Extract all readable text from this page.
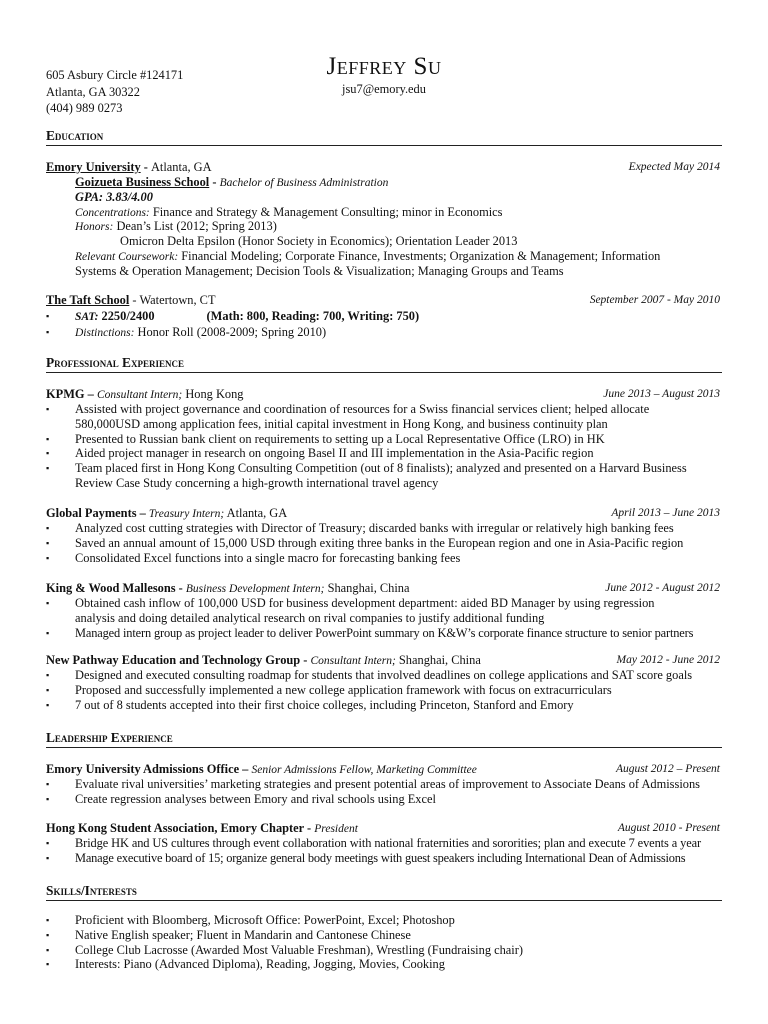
605 Asbury Circle #124171
Atlanta, GA 30322
(404) 989 0273
Jeffrey Su
jsu7@emory.edu
Education
Emory University - Atlanta, GA	Expected May 2014
Goizueta Business School - Bachelor of Business Administration
GPA: 3.83/4.00
Concentrations: Finance and Strategy & Management Consulting; minor in Economics
Honors: Dean’s List (2012; Spring 2013)
Omicron Delta Epsilon (Honor Society in Economics); Orientation Leader 2013
Relevant Coursework: Financial Modeling; Corporate Finance, Investments; Organization & Management; Information
Systems & Operation Management; Decision Tools & Visualization; Managing Groups and Teams
The Taft School - Watertown, CT	September 2007 - May 2010
▪ SAT: 2250/2400	(Math: 800, Reading: 700, Writing: 750)
▪ Distinctions: Honor Roll (2008-2009; Spring 2010)
Professional Experience
KPMG – Consultant Intern; Hong Kong	June 2013 – August 2013
▪ Assisted with project governance and coordination of resources for a Swiss financial services client; helped allocate 580,000USD among application fees, initial capital investment in Hong Kong, and business continuity plan
▪ Presented to Russian bank client on requirements to setting up a Local Representative Office (LRO) in HK
▪ Aided project manager in research on ongoing Basel II and III implementation in the Asia-Pacific region
▪ Team placed first in Hong Kong Consulting Competition (out of 8 finalists); analyzed and presented on a Harvard Business Review Case Study concerning a high-growth international travel agency
Global Payments – Treasury Intern; Atlanta, GA	April 2013 – June 2013
▪ Analyzed cost cutting strategies with Director of Treasury; discarded banks with irregular or relatively high banking fees
▪ Saved an annual amount of 15,000 USD through exiting three banks in the European region and one in Asia-Pacific region
▪ Consolidated Excel functions into a single macro for forecasting banking fees
King & Wood Mallesons - Business Development Intern; Shanghai, China	June 2012 - August 2012
▪ Obtained cash inflow of 100,000 USD for business development department: aided BD Manager by using regression analysis and doing detailed analytical research on rival companies to justify additional funding
▪ Managed intern group as project leader to deliver PowerPoint summary on K&W’s corporate finance structure to senior partners
New Pathway Education and Technology Group - Consultant Intern; Shanghai, China	May 2012 - June 2012
▪ Designed and executed consulting roadmap for students that involved deadlines on college applications and SAT score goals
▪ Proposed and successfully implemented a new college application framework with focus on extracurriculars
▪ 7 out of 8 students accepted into their first choice colleges, including Princeton, Stanford and Emory
Leadership Experience
Emory University Admissions Office – Senior Admissions Fellow, Marketing Committee	August 2012 – Present
▪ Evaluate rival universities’ marketing strategies and present potential areas of improvement to Associate Deans of Admissions
▪ Create regression analyses between Emory and rival schools using Excel
Hong Kong Student Association, Emory Chapter - President	August 2010 - Present
▪ Bridge HK and US cultures through event collaboration with national fraternities and sororities; plan and execute 7 events a year
▪ Manage executive board of 15; organize general body meetings with guest speakers including International Dean of Admissions
Skills/Interests
▪ Proficient with Bloomberg, Microsoft Office: PowerPoint, Excel; Photoshop
▪ Native English speaker; Fluent in Mandarin and Cantonese Chinese
▪ College Club Lacrosse (Awarded Most Valuable Freshman), Wrestling (Fundraising chair)
▪ Interests: Piano (Advanced Diploma), Reading, Jogging, Movies, Cooking
